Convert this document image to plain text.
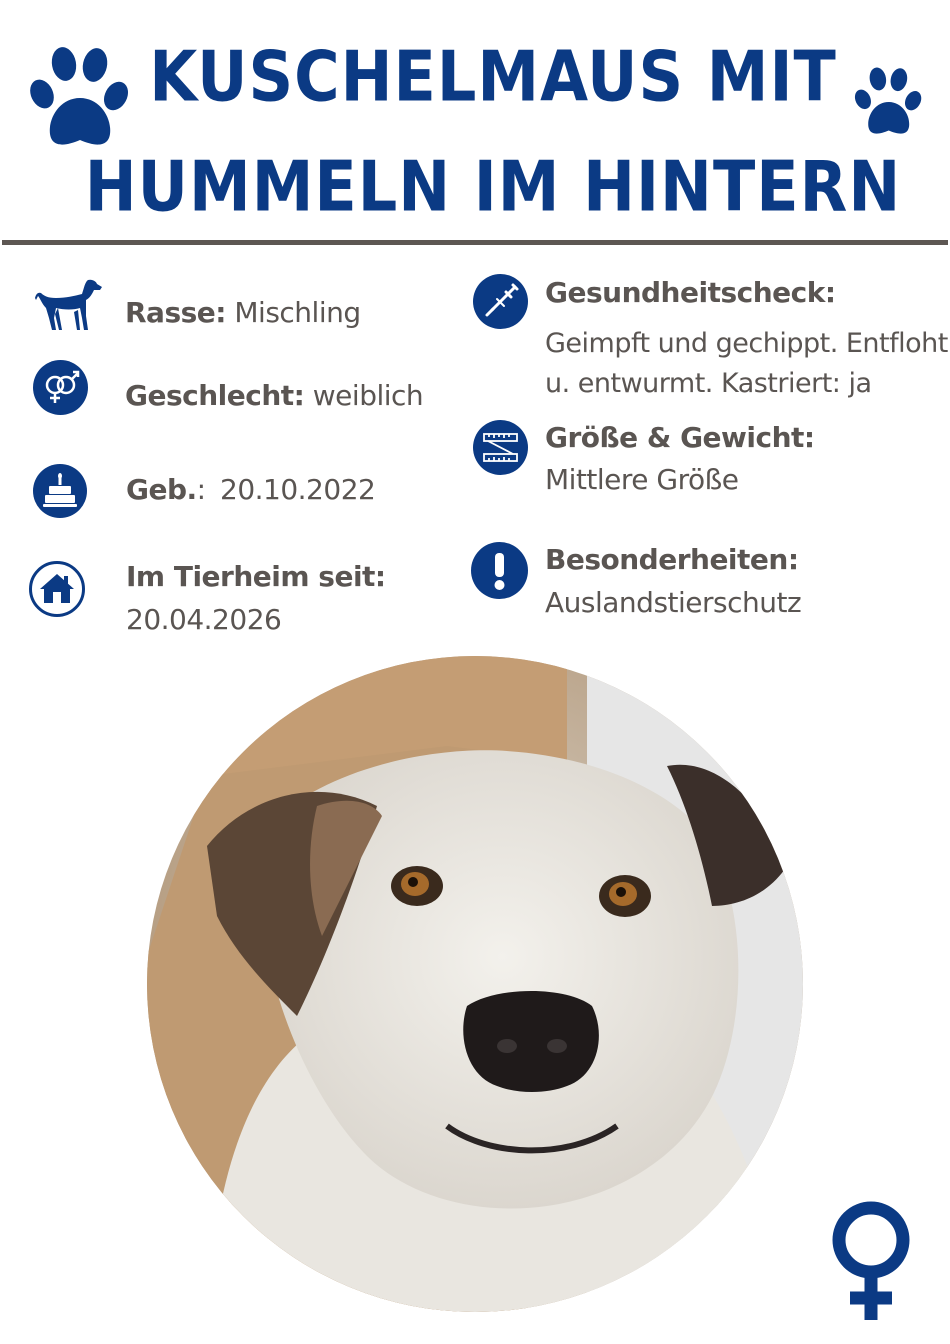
KUSCHELMAUS MIT
HUMMELN IM HINTERN
Rasse: Mischling
Geschlecht: weiblich
Geb.: 20.10.2022
Im Tierheim seit:
20.04.2026
Gesundheitscheck:
Geimpft und gechippt. Entfloht
u. entwurmt. Kastriert: ja
Größe & Gewicht:
Mittlere Größe
Besonderheiten:
Auslandstierschutz
